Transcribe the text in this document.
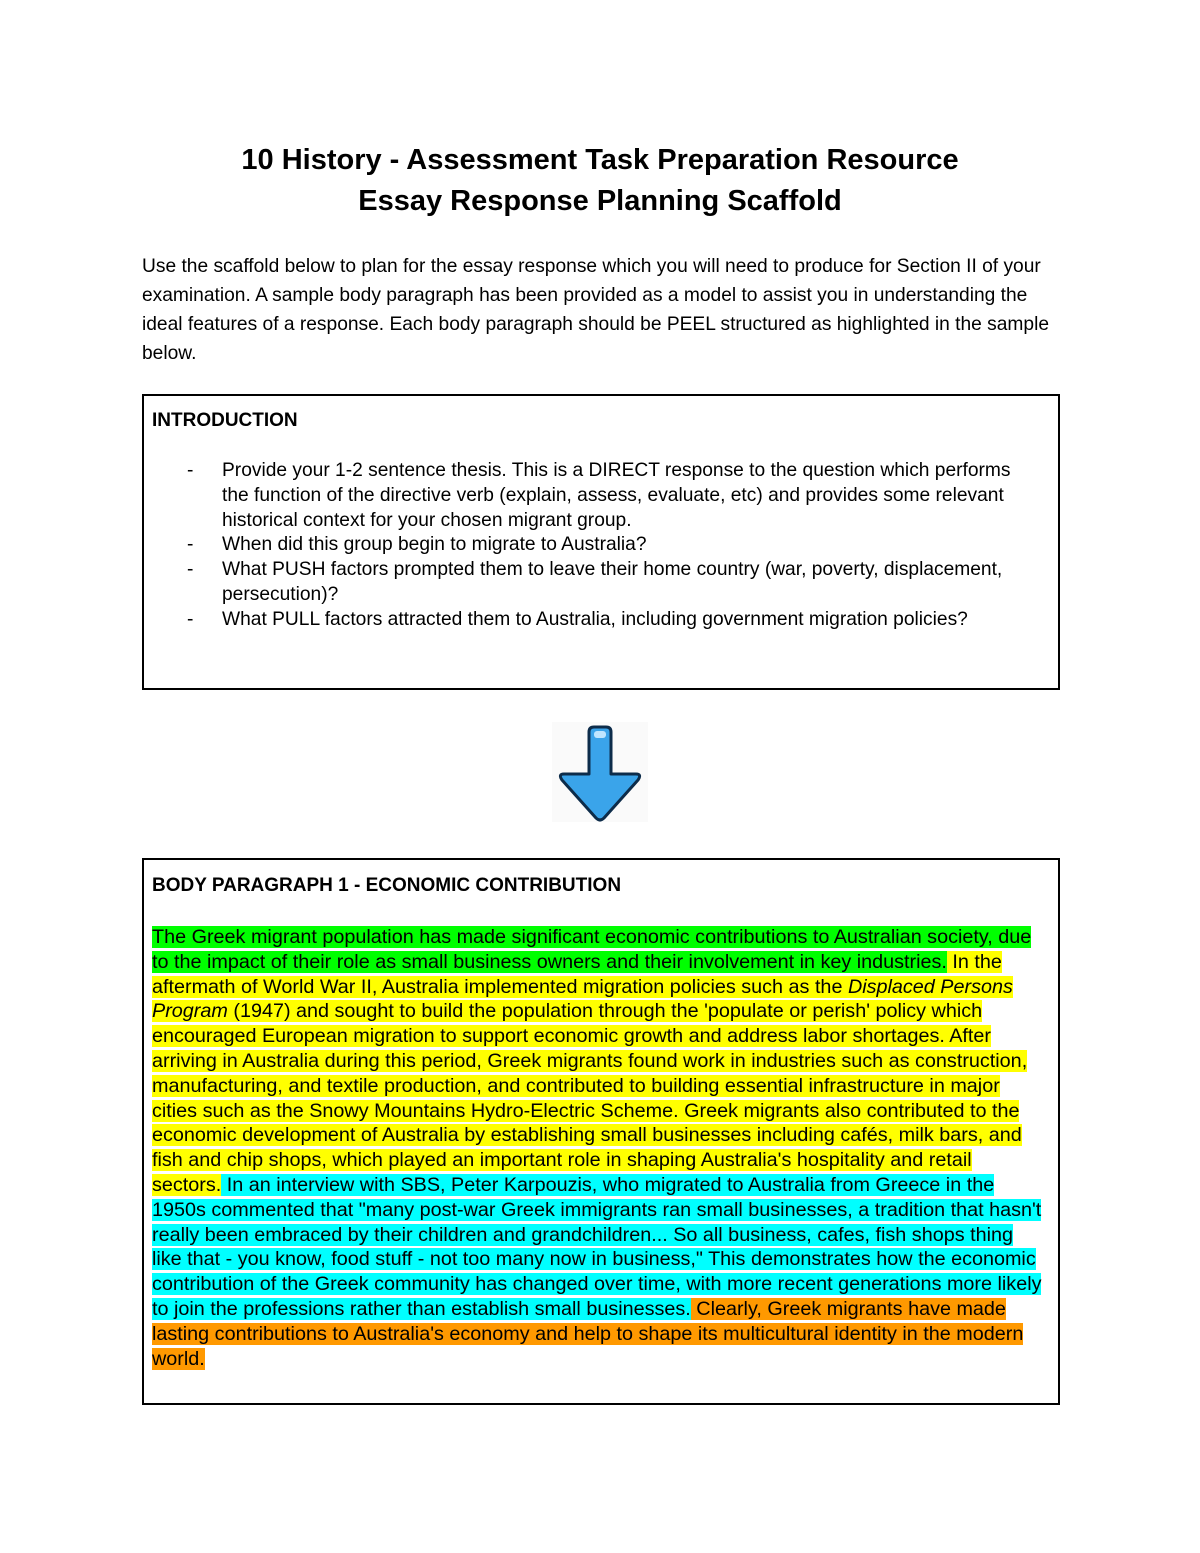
10 History - Assessment Task Preparation Resource
Essay Response Planning Scaffold
Use the scaffold below to plan for the essay response which you will need to produce for Section II of your examination. A sample body paragraph has been provided as a model to assist you in understanding the ideal features of a response. Each body paragraph should be PEEL structured as highlighted in the sample below.
INTRODUCTION
- Provide your 1-2 sentence thesis. This is a DIRECT response to the question which performs the function of the directive verb (explain, assess, evaluate, etc) and provides some relevant historical context for your chosen migrant group.
- When did this group begin to migrate to Australia?
- What PUSH factors prompted them to leave their home country (war, poverty, displacement, persecution)?
- What PULL factors attracted them to Australia, including government migration policies?
BODY PARAGRAPH 1 - ECONOMIC CONTRIBUTION

The Greek migrant population has made significant economic contributions to Australian society, due to the impact of their role as small business owners and their involvement in key industries. In the aftermath of World War II, Australia implemented migration policies such as the Displaced Persons Program (1947) and sought to build the population through the 'populate or perish' policy which encouraged European migration to support economic growth and address labor shortages. After arriving in Australia during this period, Greek migrants found work in industries such as construction, manufacturing, and textile production, and contributed to building essential infrastructure in major cities such as the Snowy Mountains Hydro-Electric Scheme. Greek migrants also contributed to the economic development of Australia by establishing small businesses including cafés, milk bars, and fish and chip shops, which played an important role in shaping Australia's hospitality and retail sectors. In an interview with SBS, Peter Karpouzis, who migrated to Australia from Greece in the 1950s commented that "many post-war Greek immigrants ran small businesses, a tradition that hasn't really been embraced by their children and grandchildren... So all business, cafes, fish shops thing like that - you know, food stuff - not too many now in business," This demonstrates how the economic contribution of the Greek community has changed over time, with more recent generations more likely to join the professions rather than establish small businesses. Clearly, Greek migrants have made lasting contributions to Australia's economy and help to shape its multicultural identity in the modern world.
